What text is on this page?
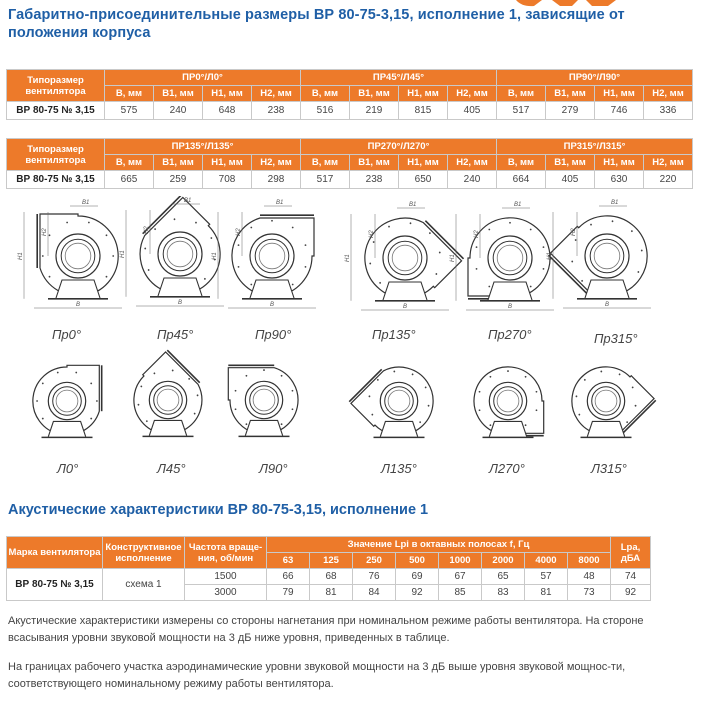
Габаритно-присоединительные размеры ВР 80-75-3,15, исполнение 1, зависящие от положения корпуса
Типоразмер вентилятора	ПР0°/Л0°				ПР45°/Л45°				ПР90°/Л90°			
	B, мм	B1, мм	H1, мм	H2, мм	B, мм	B1, мм	H1, мм	H2, мм	B, мм	B1, мм	H1, мм	H2, мм
ВР 80-75 № 3,15	575	240	648	238	516	219	815	405	517	279	746	336
Типоразмер вентилятора	ПР135°/Л135°				ПР270°/Л270°				ПР315°/Л315°			
	B, мм	B1, мм	H1, мм	H2, мм	B, мм	B1, мм	H1, мм	H2, мм	B, мм	B1, мм	H1, мм	H2, мм
ВР 80-75 № 3,15	665	259	708	298	517	238	650	240	664	405	630	220
B
H1
B1
H2
B
H1
B1
H2
B
H1
B1
H2
B
H1
B1
H2
B
H1
B1
H2
B
H1
B1
H2
Пр0°	Пр45°	Пр90°	Пр135°	Пр270°	Пр315°
Л0°	Л45°	Л90°	Л135°	Л270°	Л315°
Акустические характеристики ВР 80-75-3,15, исполнение 1
Марка вентилятора	Конструктивное исполнение	Частота враще-ния, об/мин	Значение Lpi в октавных полосах f, Гц								Lpa, дБА
			63	125	250	500	1000	2000	4000	8000	
ВР 80-75 № 3,15	схема 1	1500	66	68	76	69	67	65	57	48	74
		3000	79	81	84	92	85	83	81	73	92
Акустические характеристики измерены со стороны нагнетания при номинальном режиме работы вентилятора. На стороне всасывания уровни звуковой мощности на 3 дБ ниже уровня, приведенных в таблице.
На границах рабочего участка аэродинамические уровни звуковой мощности на 3 дБ выше уровня звуковой мощнос-ти, соответствующего номинальному режиму работы вентилятора.
